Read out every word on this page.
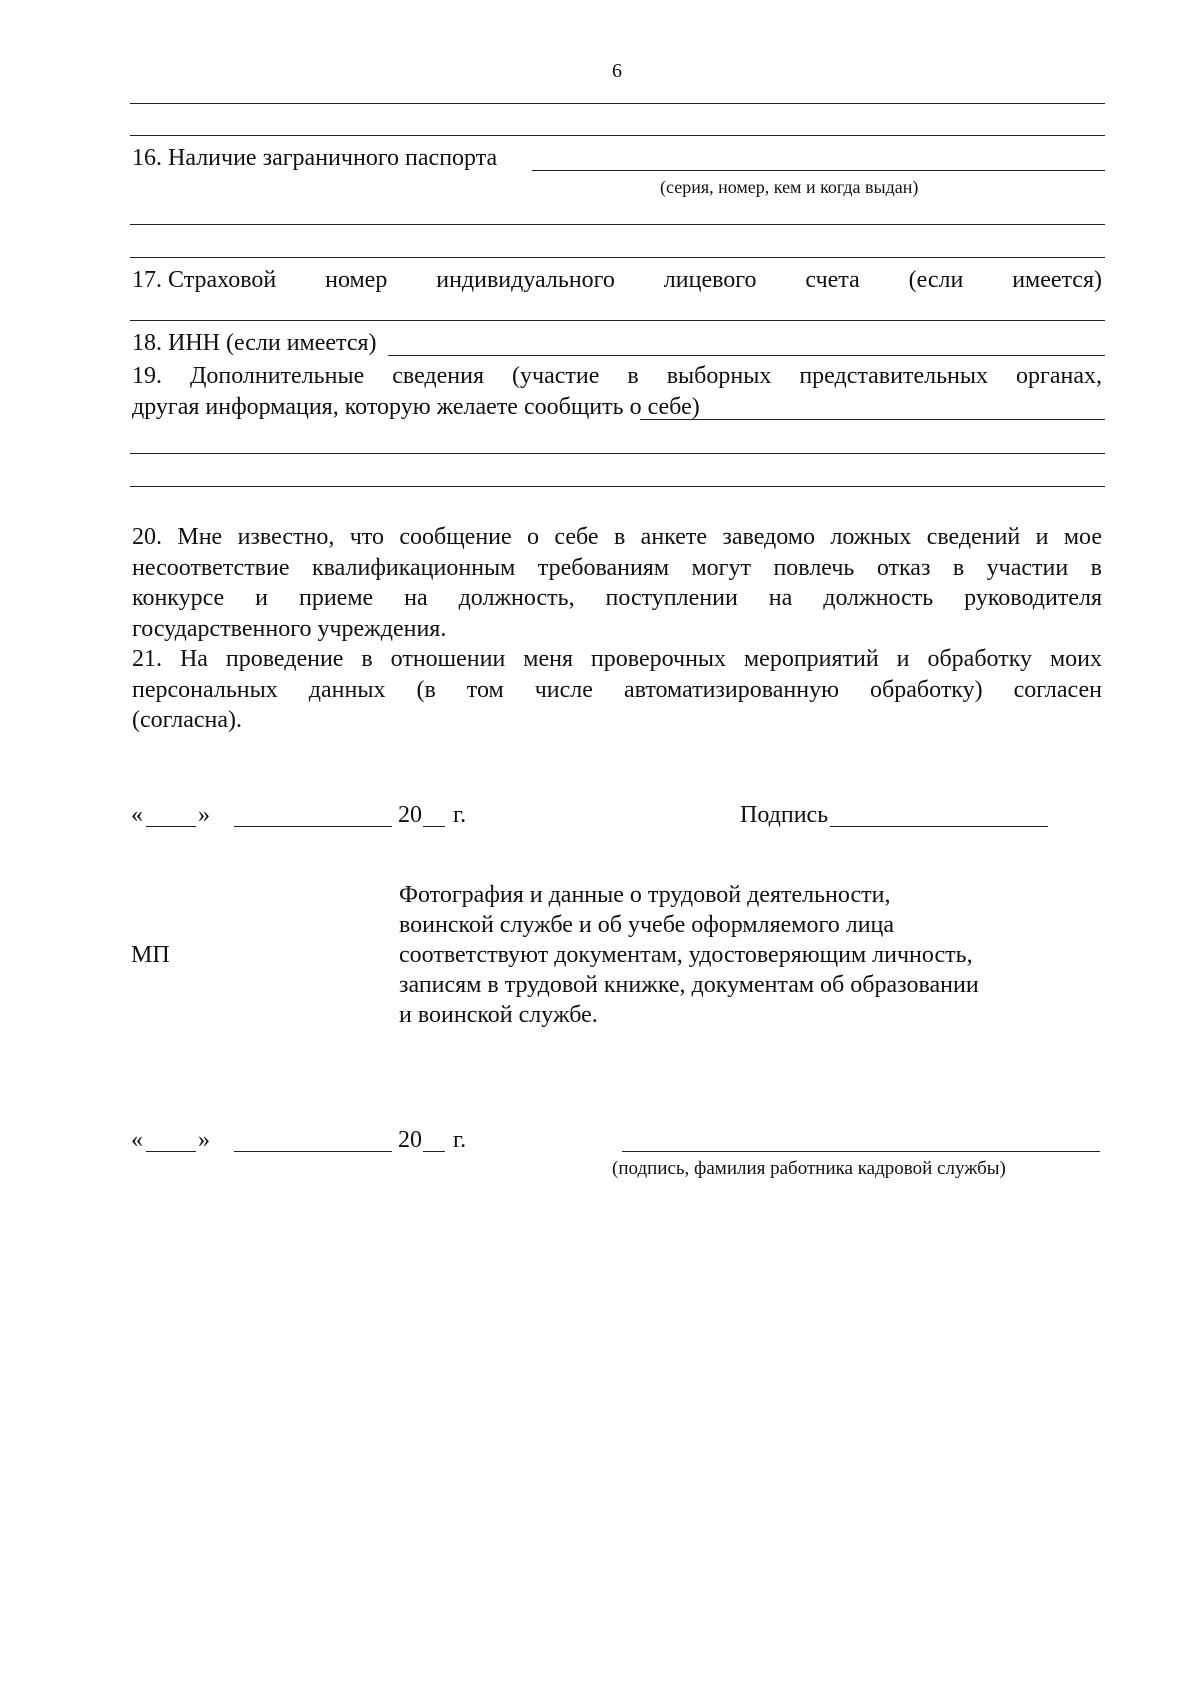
6
16. Наличие заграничного паспорта
(серия, номер, кем и когда выдан)
17. Страховой номер индивидуального лицевого счета (если имеется)
18. ИНН (если имеется)
19. Дополнительные сведения (участие в выборных представительных органах,
другая информация, которую желаете сообщить о себе)
20. Мне известно, что сообщение о себе в анкете заведомо ложных сведений и мое
несоответствие квалификационным требованиям могут повлечь отказ в участии в
конкурсе и приеме на должность, поступлении на должность руководителя
государственного учреждения.
21. На проведение в отношении меня проверочных мероприятий и обработку моих
персональных данных (в том числе автоматизированную обработку) согласен
(согласна).
« »	20 г.	Подпись
МП
Фотография и данные о трудовой деятельности,
воинской службе и об учебе оформляемого лица
соответствуют документам, удостоверяющим личность,
записям в трудовой книжке, документам об образовании
и воинской службе.
« »	20 г.
(подпись, фамилия работника кадровой службы)
